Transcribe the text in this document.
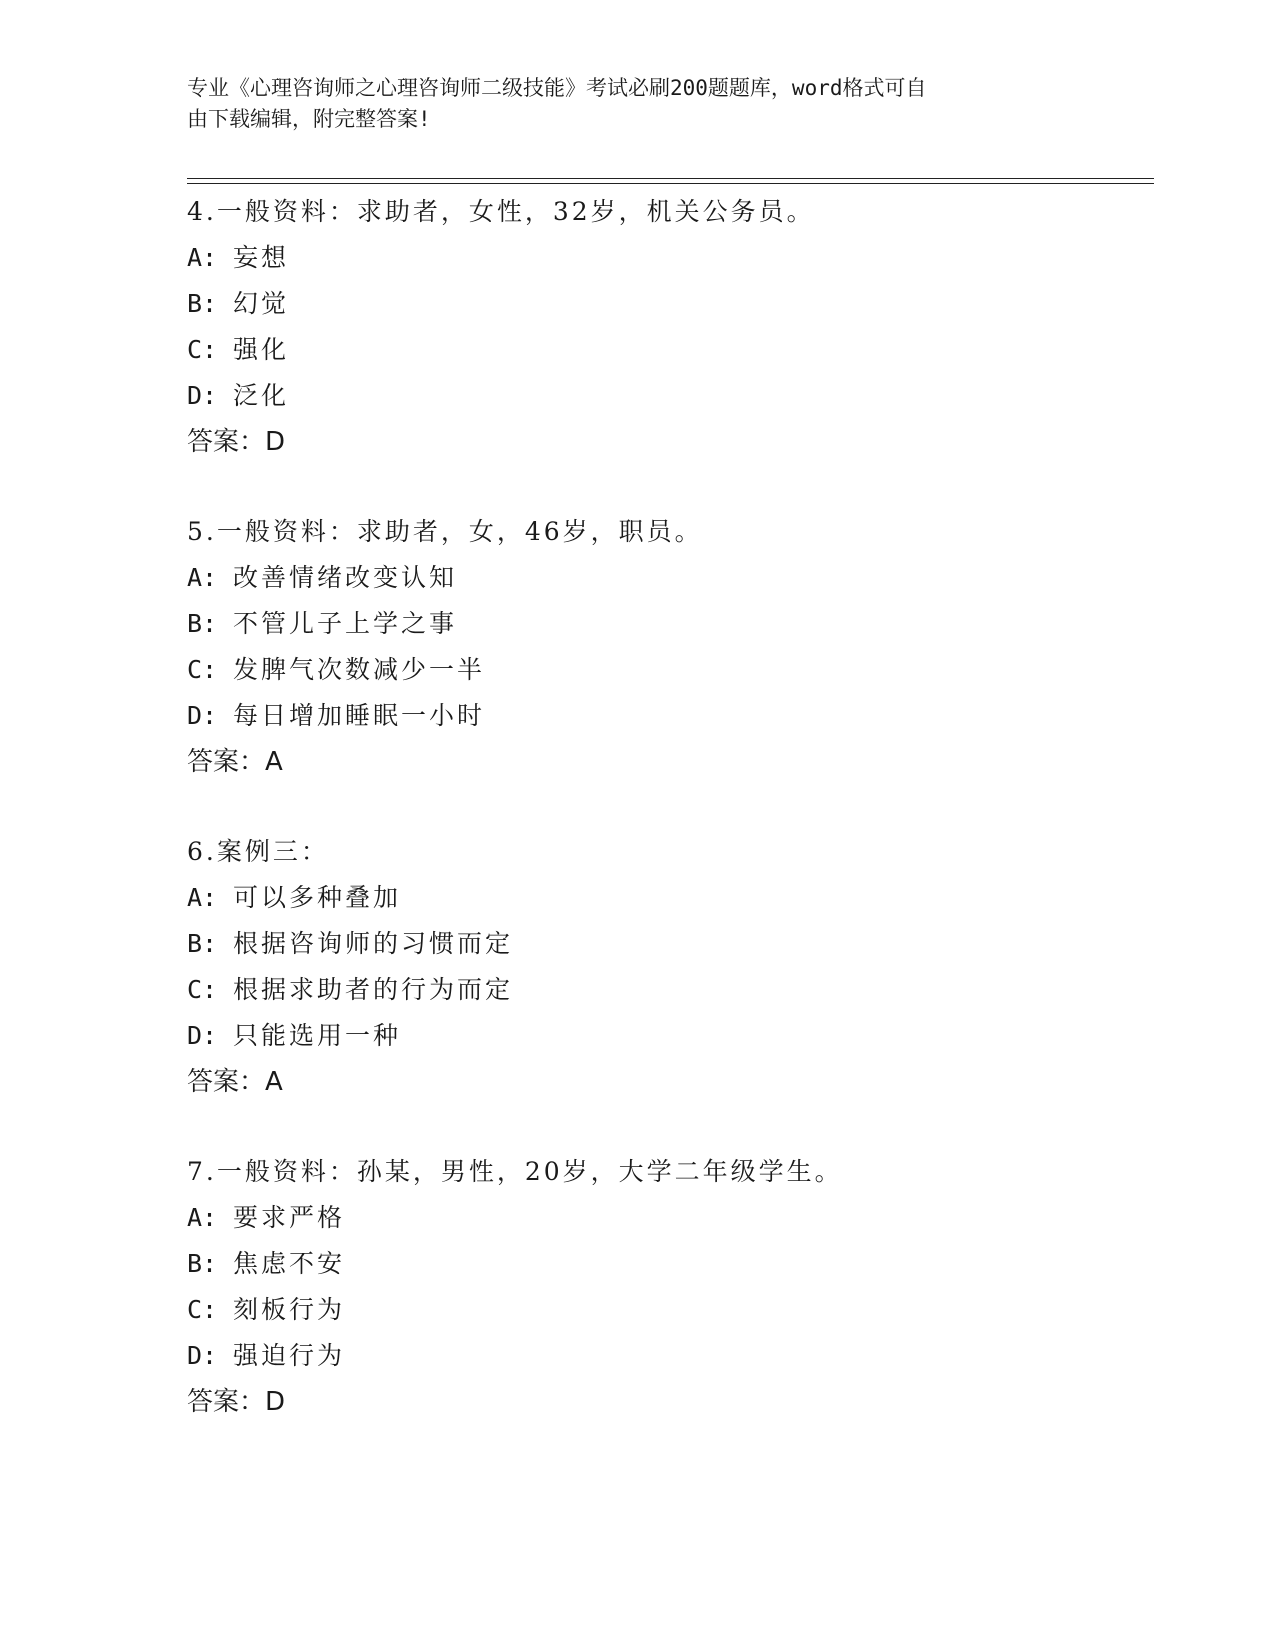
专业《心理咨询师之心理咨询师二级技能》考试必刷200题题库，word格式可自
由下载编辑，附完整答案!
4.一般资料：求助者，女性，32岁，机关公务员。
A: 妄想
B: 幻觉
C: 强化
D: 泛化
答案：D
5.一般资料：求助者，女，46岁，职员。
A: 改善情绪改变认知
B: 不管儿子上学之事
C: 发脾气次数减少一半
D: 每日增加睡眠一小时
答案：A
6.案例三：
A: 可以多种叠加
B: 根据咨询师的习惯而定
C: 根据求助者的行为而定
D: 只能选用一种
答案：A
7.一般资料：孙某，男性，20岁，大学二年级学生。
A: 要求严格
B: 焦虑不安
C: 刻板行为
D: 强迫行为
答案：D
